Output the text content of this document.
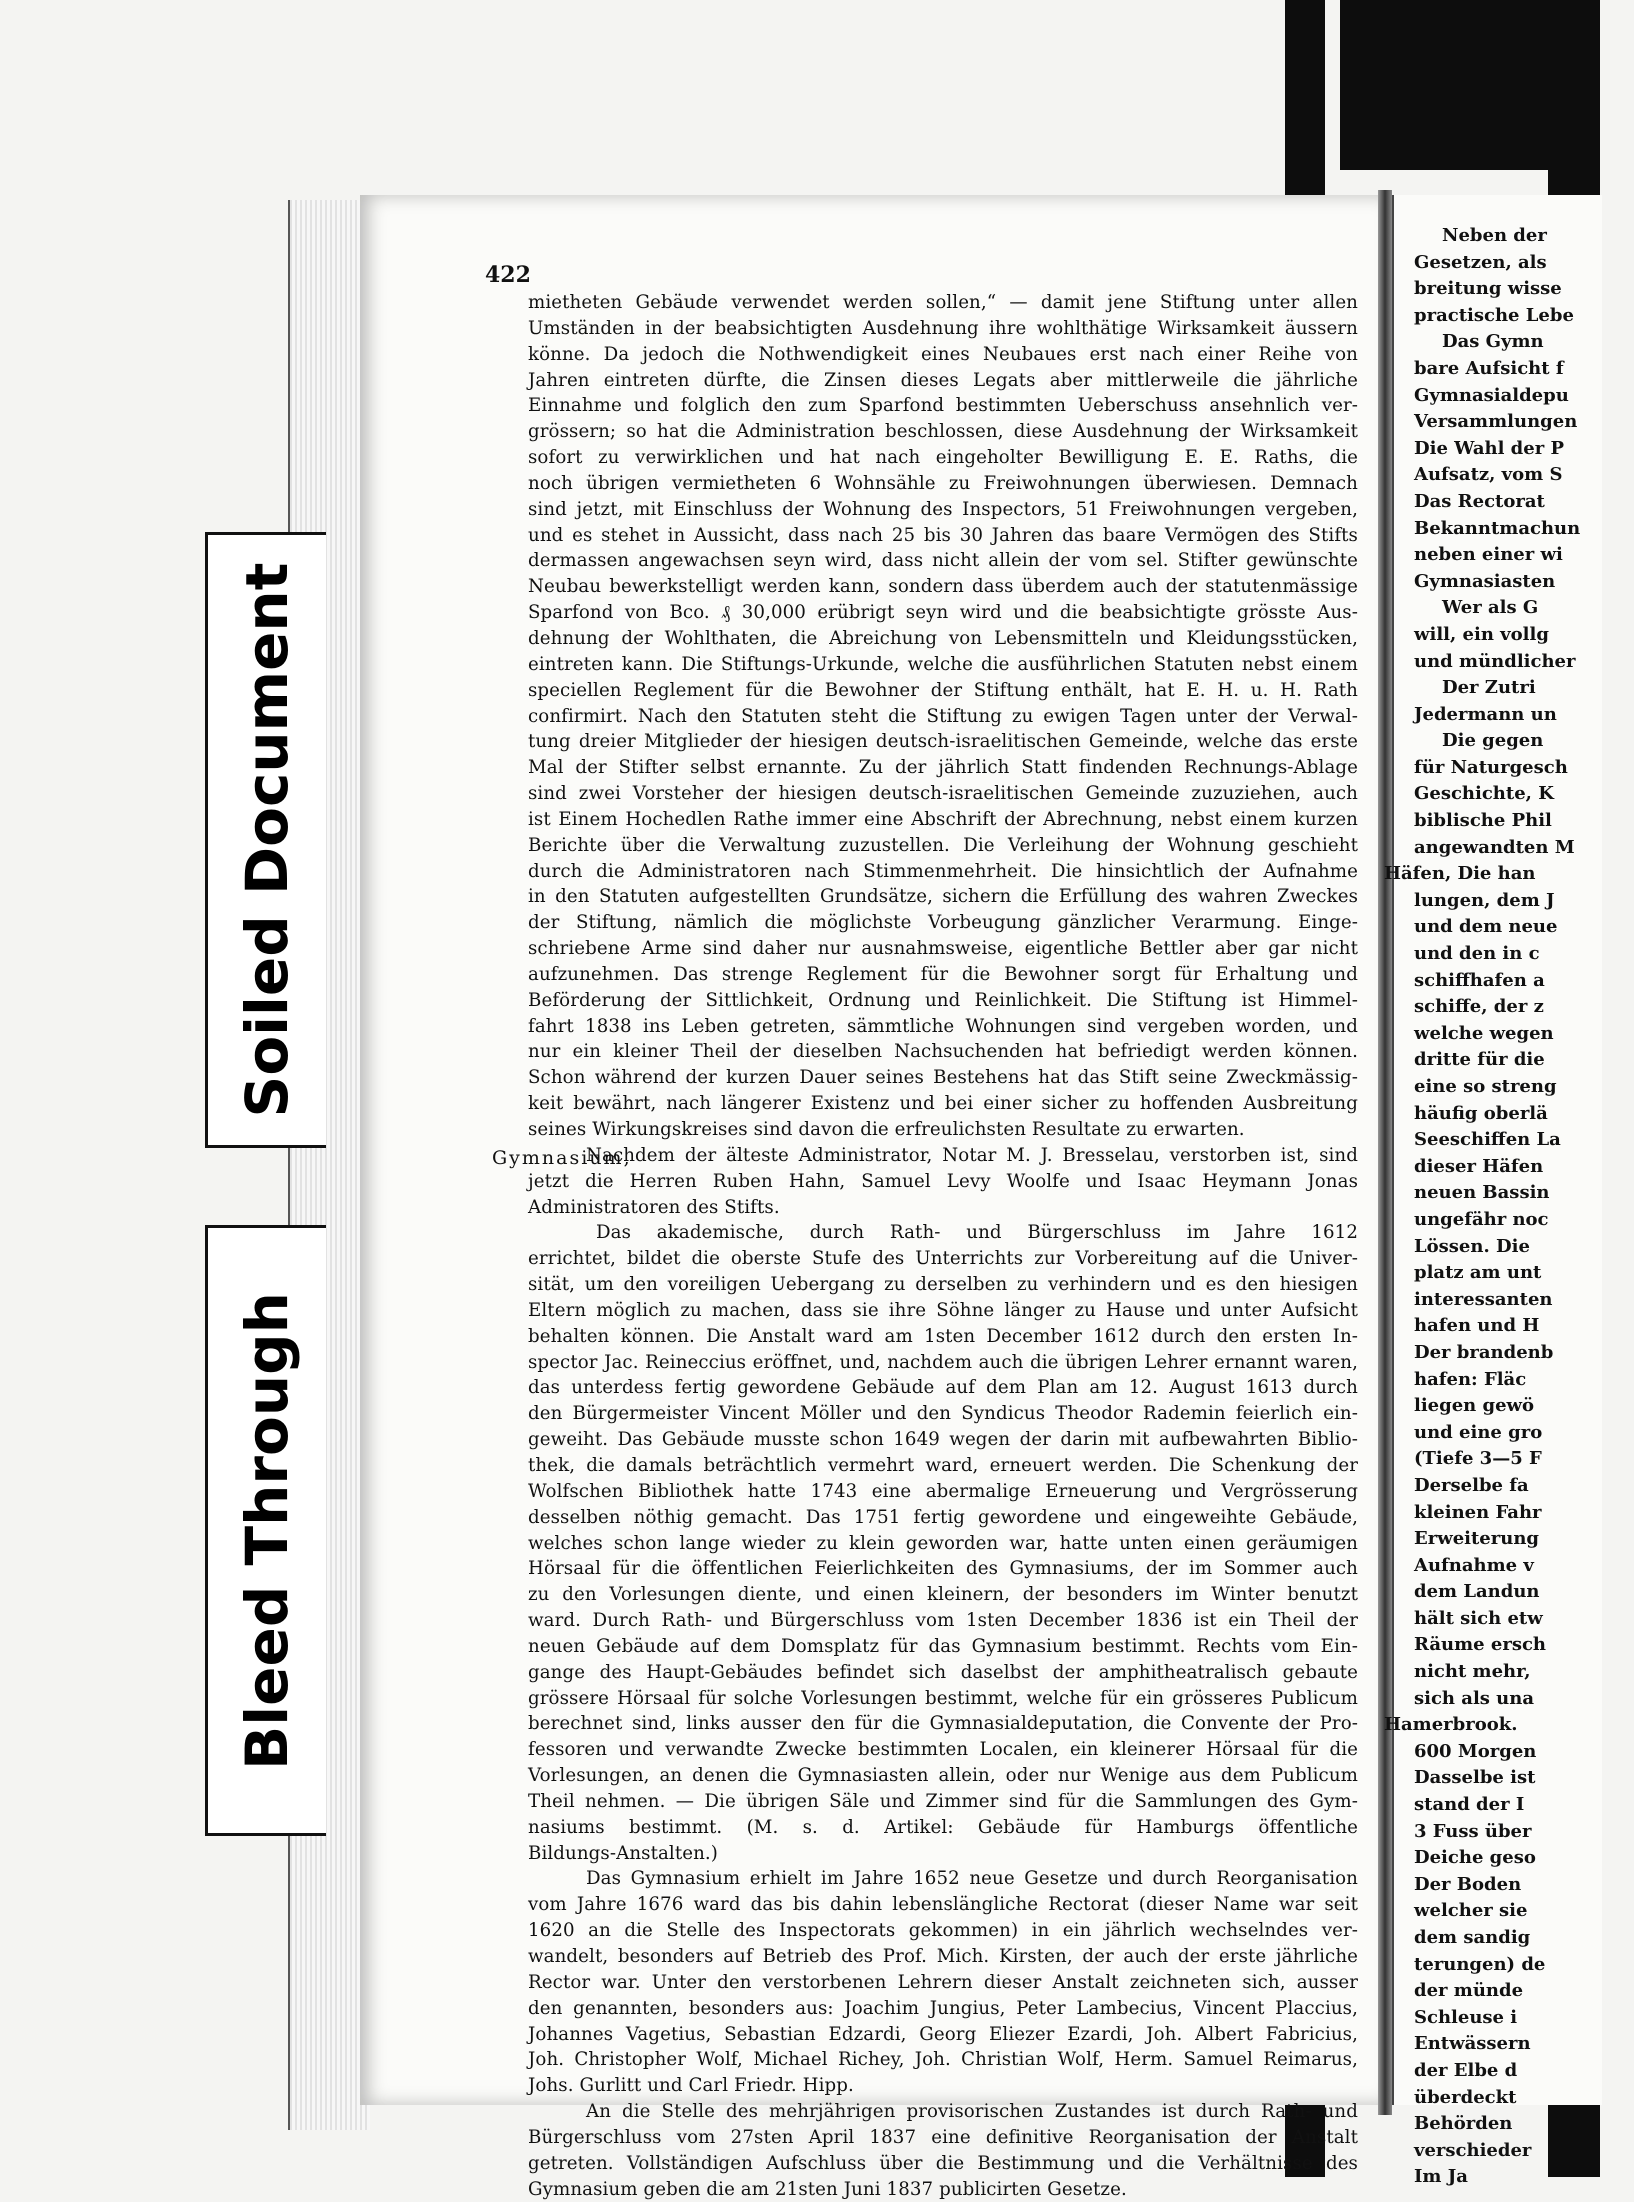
Neben der
Gesetzen, als
breitung wisse
practische Lebe
Das Gymn
bare Aufsicht f
Gymnasialdepu
Versammlungen
Die Wahl der P
Aufsatz, vom S
Das Rectorat
Bekanntmachun
neben einer wi
Gymnasiasten
Wer als G
will, ein vollg
und mündlicher
Der Zutri
Jedermann un
Die gegen
für Naturgesch
Geschichte, K
biblische Phil
angewandten M
Häfen, Die han
lungen, dem J
und dem neue
und den in c
schiffhafen a
schiffe, der z
welche wegen
dritte für die
eine so streng
häufig oberlä
Seeschiffen La
dieser Häfen
neuen Bassin
ungefähr noc
Lössen. Die
platz am unt
interessanten
hafen und H
Der brandenb
hafen: Fläc
liegen gewö
und eine gro
(Tiefe 3—5 F
Derselbe fa
kleinen Fahr
Erweiterung
Aufnahme v
dem Landun
hält sich etw
Räume ersch
nicht mehr,
sich als una
Hamerbrook.
600 Morgen
Dasselbe ist
stand der I
3 Fuss über
Deiche geso
Der Boden
welcher sie
dem sandig
terungen) de
der münde
Schleuse i
Entwässern
der Elbe d
überdeckt
Behörden
verschieder
Im Ja
Soiled Document
Bleed Through
422
Gymnasium,
miethеten Gebäude verwendet werden sollen,“ — damit jene Stiftung unter allen
Umständen in der beabsichtigten Ausdehnung ihre wohlthätige Wirksamkeit äussern
könne. Da jedoch die Nothwendigkeit eines Neubaues erst nach einer Reihe von
Jahren eintreten dürfte, die Zinsen dieses Legats aber mittlerweile die jährliche
Einnahme und folglich den zum Sparfond bestimmten Ueberschuss ansehnlich ver-
grössern; so hat die Administration beschlossen, diese Ausdehnung der Wirksamkeit
sofort zu verwirklichen und hat nach eingeholter Bewilligung E. E. Raths, die
noch übrigen vermietheten 6 Wohnsähle zu Freiwohnungen überwiesen. Demnach
sind jetzt, mit Einschluss der Wohnung des Inspectors, 51 Freiwohnungen vergeben,
und es stehet in Aussicht, dass nach 25 bis 30 Jahren das baare Vermögen des Stifts
dermassen angewachsen seyn wird, dass nicht allein der vom sel. Stifter gewünschte
Neubau bewerkstelligt werden kann, sondern dass überdem auch der statutenmässige
Sparfond von Bco. ₰ 30,000 erübrigt seyn wird und die beabsichtigte grösste Aus-
dehnung der Wohlthaten, die Abreichung von Lebensmitteln und Kleidungsstücken,
eintreten kann. Die Stiftungs-Urkunde, welche die ausführlichen Statuten nebst einem
speciellen Reglement für die Bewohner der Stiftung enthält, hat E. H. u. H. Rath
confirmirt. Nach den Statuten steht die Stiftung zu ewigen Tagen unter der Verwal-
tung dreier Mitglieder der hiesigen deutsch-israelitischen Gemeinde, welche das erste
Mal der Stifter selbst ernannte. Zu der jährlich Statt findenden Rechnungs-Ablage
sind zwei Vorsteher der hiesigen deutsch-israelitischen Gemeinde zuzuziehen, auch
ist Einem Hochedlen Rathe immer eine Abschrift der Abrechnung, nebst einem kurzen
Berichte über die Verwaltung zuzustellen. Die Verleihung der Wohnung geschieht
durch die Administratoren nach Stimmenmehrheit. Die hinsichtlich der Aufnahme
in den Statuten aufgestellten Grundsätze, sichern die Erfüllung des wahren Zweckes
der Stiftung, nämlich die möglichste Vorbeugung gänzlicher Verarmung. Einge-
schriebene Arme sind daher nur ausnahmsweise, eigentliche Bettler aber gar nicht
aufzunehmen. Das strenge Reglement für die Bewohner sorgt für Erhaltung und
Beförderung der Sittlichkeit, Ordnung und Reinlichkeit. Die Stiftung ist Himmel-
fahrt 1838 ins Leben getreten, sämmtliche Wohnungen sind vergeben worden, und
nur ein kleiner Theil der dieselben Nachsuchenden hat befriedigt werden können.
Schon während der kurzen Dauer seines Bestehens hat das Stift seine Zweckmässig-
keit bewährt, nach längerer Existenz und bei einer sicher zu hoffenden Ausbreitung
seines Wirkungskreises sind davon die erfreulichsten Resultate zu erwarten.
Nachdem der älteste Administrator, Notar M. J. Bresselau, verstorben ist, sind
jetzt die Herren Ruben Hahn, Samuel Levy Woolfe und Isaac Heymann Jonas
Administratoren des Stifts.
Das akademische, durch Rath- und Bürgerschluss im Jahre 1612
errichtet, bildet die oberste Stufe des Unterrichts zur Vorbereitung auf die Univer-
sität, um den voreiligen Uebergang zu derselben zu verhindern und es den hiesigen
Eltern möglich zu machen, dass sie ihre Söhne länger zu Hause und unter Aufsicht
behalten können. Die Anstalt ward am 1sten December 1612 durch den ersten In-
spector Jac. Reineccius eröffnet, und, nachdem auch die übrigen Lehrer ernannt waren,
das unterdess fertig gewordene Gebäude auf dem Plan am 12. August 1613 durch
den Bürgermeister Vincent Möller und den Syndicus Theodor Rademin feierlich ein-
geweiht. Das Gebäude musste schon 1649 wegen der darin mit aufbewahrten Biblio-
thek, die damals beträchtlich vermehrt ward, erneuert werden. Die Schenkung der
Wolfschen Bibliothek hatte 1743 eine abermalige Erneuerung und Vergrösserung
desselben nöthig gemacht. Das 1751 fertig gewordene und eingeweihte Gebäude,
welches schon lange wieder zu klein geworden war, hatte unten einen geräumigen
Hörsaal für die öffentlichen Feierlichkeiten des Gymnasiums, der im Sommer auch
zu den Vorlesungen diente, und einen kleinern, der besonders im Winter benutzt
ward. Durch Rath- und Bürgerschluss vom 1sten December 1836 ist ein Theil der
neuen Gebäude auf dem Domsplatz für das Gymnasium bestimmt. Rechts vom Ein-
gange des Haupt-Gebäudes befindet sich daselbst der amphitheatralisch gebaute
grössere Hörsaal für solche Vorlesungen bestimmt, welche für ein grösseres Publicum
berechnet sind, links ausser den für die Gymnasialdeputation, die Convente der Pro-
fessoren und verwandte Zwecke bestimmten Localen, ein kleinerer Hörsaal für die
Vorlesungen, an denen die Gymnasiasten allein, oder nur Wenige aus dem Publicum
Theil nehmen. — Die übrigen Säle und Zimmer sind für die Sammlungen des Gym-
nasiums bestimmt. (M. s. d. Artikel: Gebäude für Hamburgs öffentliche
Bildungs-Anstalten.)
Das Gymnasium erhielt im Jahre 1652 neue Gesetze und durch Reorganisation
vom Jahre 1676 ward das bis dahin lebenslängliche Rectorat (dieser Name war seit
1620 an die Stelle des Inspectorats gekommen) in ein jährlich wechselndes ver-
wandelt, besonders auf Betrieb des Prof. Mich. Kirsten, der auch der erste jährliche
Rector war. Unter den verstorbenen Lehrern dieser Anstalt zeichneten sich, ausser
den genannten, besonders aus: Joachim Jungius, Peter Lambecius, Vincent Placcius,
Johannes Vagetius, Sebastian Edzardi, Georg Eliezer Ezardi, Joh. Albert Fabricius,
Joh. Christopher Wolf, Michael Richey, Joh. Christian Wolf, Herm. Samuel Reimarus,
Johs. Gurlitt und Carl Friedr. Hipp.
An die Stelle des mehrjährigen provisorischen Zustandes ist durch Rath- und
Bürgerschluss vom 27sten April 1837 eine definitive Reorganisation der Anstalt
getreten. Vollständigen Aufschluss über die Bestimmung und die Verhältnisse des
Gymnasium geben die am 21sten Juni 1837 publicirten Gesetze.
